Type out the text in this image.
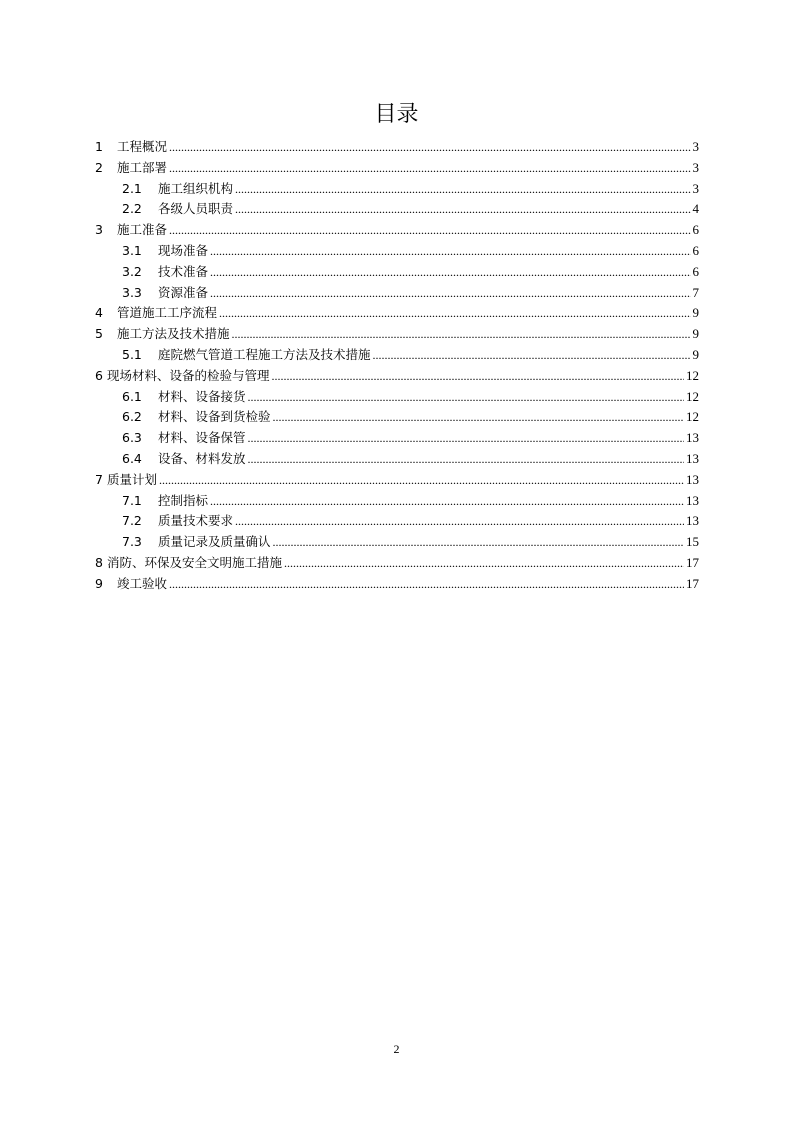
目录
1	工程概况 .....	3
2	施工部署 .....	3
2.1	施工组织机构 .....	3
2.2	各级人员职责 .....	4
3	施工准备 .....	6
3.1	现场准备 .....	6
3.2	技术准备 .....	6
3.3	资源准备 .....	7
4	管道施工工序流程 .....	9
5	施工方法及技术措施 .....	9
5.1	庭院燃气管道工程施工方法及技术措施 .....	9
6 现场材料、设备的检验与管理 .....	12
6.1	材料、设备接货 .....	12
6.2	材料、设备到货检验 .....	12
6.3	材料、设备保管 .....	13
6.4	设备、材料发放 .....	13
7 质量计划 .....	13
7.1	控制指标 .....	13
7.2	质量技术要求 .....	13
7.3	质量记录及质量确认 .....	15
8 消防、环保及安全文明施工措施 .....	17
9	竣工验收 .....	17
2
